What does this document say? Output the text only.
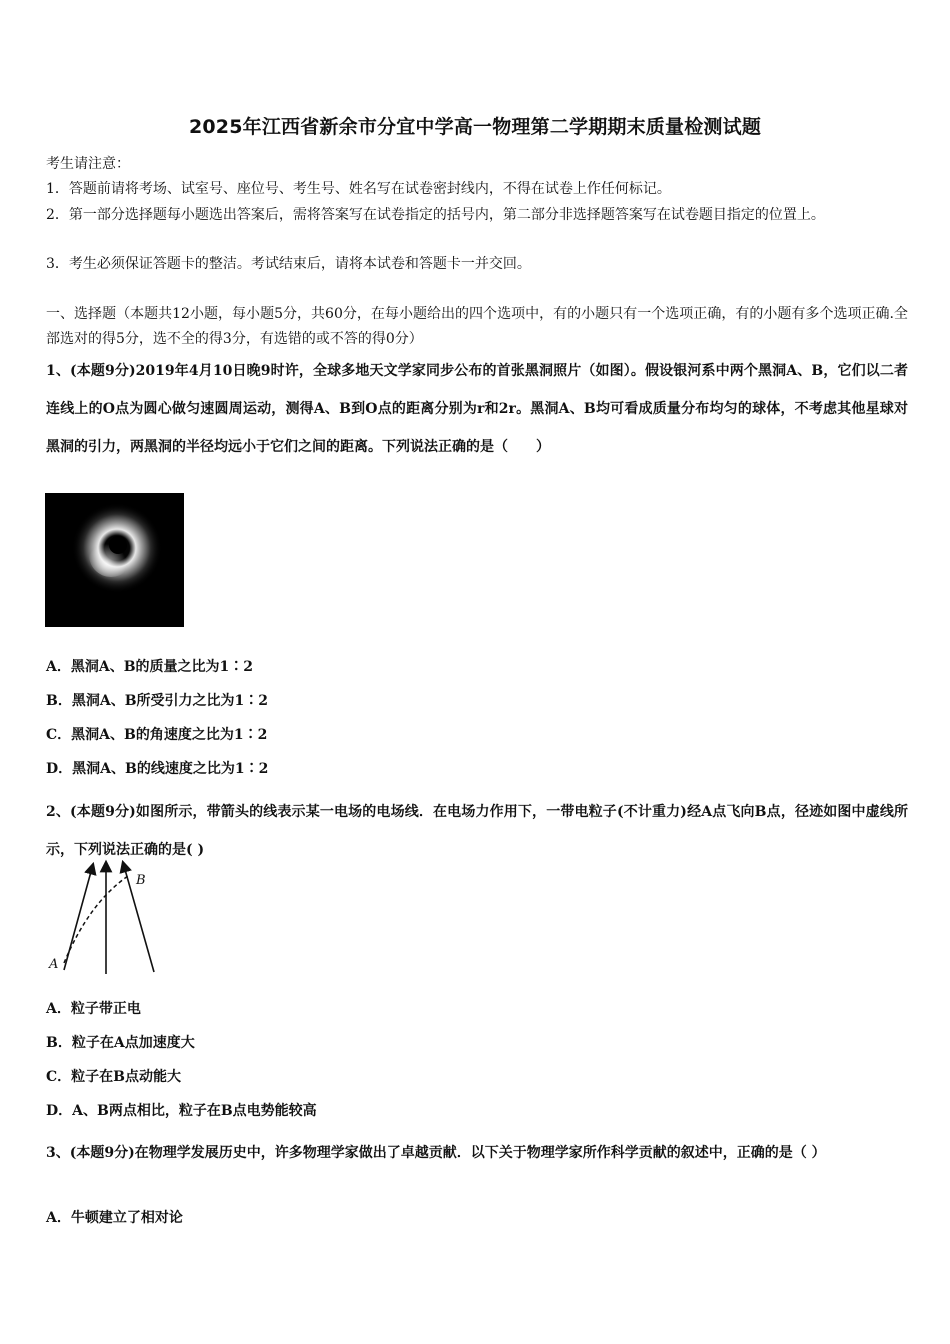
2025年江西省新余市分宜中学高一物理第二学期期末质量检测试题
考生请注意：
1．答题前请将考场、试室号、座位号、考生号、姓名写在试卷密封线内，不得在试卷上作任何标记。
2．第一部分选择题每小题选出答案后，需将答案写在试卷指定的括号内，第二部分非选择题答案写在试卷题目指定的位置上。
3．考生必须保证答题卡的整洁。考试结束后，请将本试卷和答题卡一并交回。
一、选择题（本题共12小题，每小题5分，共60分，在每小题给出的四个选项中，有的小题只有一个选项正确，有的小题有多个选项正确.全部选对的得5分，选不全的得3分，有选错的或不答的得0分）
1、(本题9分)2019年4月10日晚9时许，全球多地天文学家同步公布的首张黑洞照片（如图）。假设银河系中两个黑洞A、B，它们以二者连线上的O点为圆心做匀速圆周运动，测得A、B到O点的距离分别为r和2r。黑洞A、B均可看成质量分布均匀的球体，不考虑其他星球对黑洞的引力，两黑洞的半径均远小于它们之间的距离。下列说法正确的是（　　）
A．黑洞A、B的质量之比为1∶2
B．黑洞A、B所受引力之比为1∶2
C．黑洞A、B的角速度之比为1∶2
D．黑洞A、B的线速度之比为1∶2
2、(本题9分)如图所示，带箭头的线表示某一电场的电场线．在电场力作用下，一带电粒子(不计重力)经A点飞向B点，径迹如图中虚线所示，下列说法正确的是( )
A
B
A．粒子带正电
B．粒子在A点加速度大
C．粒子在B点动能大
D．A、B两点相比，粒子在B点电势能较高
3、(本题9分)在物理学发展历史中，许多物理学家做出了卓越贡献．以下关于物理学家所作科学贡献的叙述中，正确的是（ ）
A．牛顿建立了相对论
